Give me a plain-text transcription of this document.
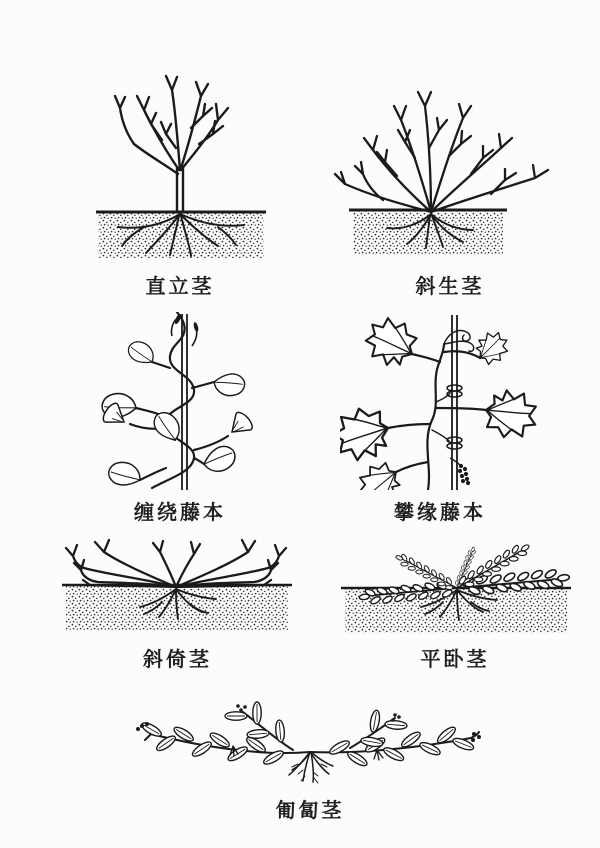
直立茎	斜生茎
缠绕藤本	攀缘藤本
斜倚茎	平卧茎
匍匐茎
